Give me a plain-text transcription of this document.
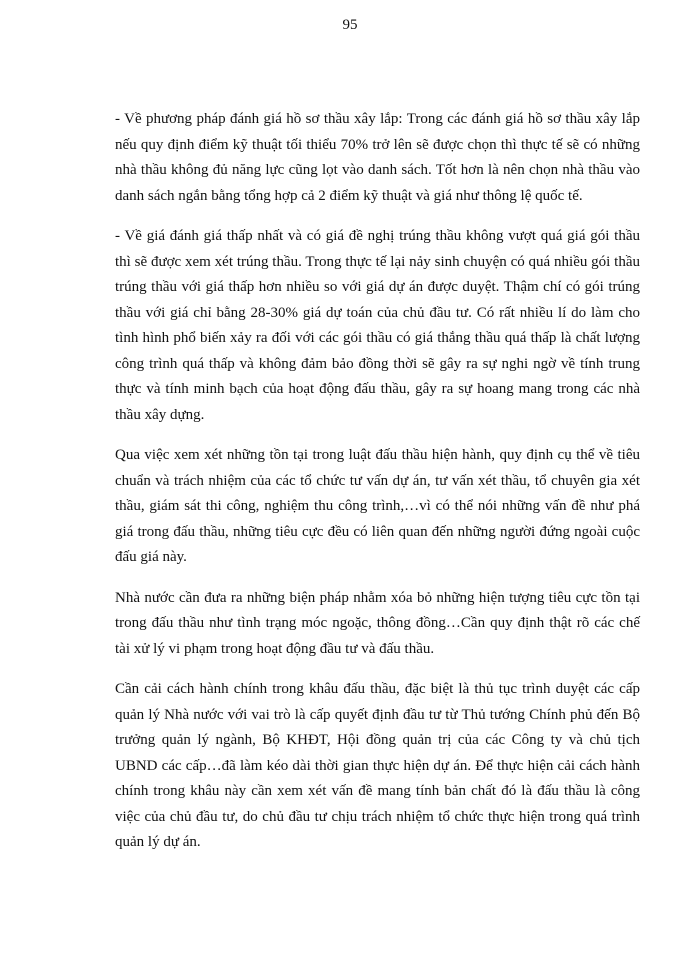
95

- Về phương pháp đánh giá hồ sơ thầu xây lắp: Trong các đánh giá hồ sơ thầu xây lắp nếu quy định điểm kỹ thuật tối thiểu 70% trở lên sẽ được chọn thì thực tế sẽ có những nhà thầu không đủ năng lực cũng lọt vào danh sách. Tốt hơn là nên chọn nhà thầu vào danh sách ngắn bằng tổng hợp cả 2 điểm kỹ thuật và giá như thông lệ quốc tế.

- Về giá đánh giá thấp nhất và có giá đề nghị trúng thầu không vượt quá giá gói thầu thì sẽ được xem xét trúng thầu. Trong thực tế lại nảy sinh chuyện có quá nhiều gói thầu trúng thầu với giá thấp hơn nhiều so với giá dự án được duyệt. Thậm chí có gói trúng thầu với giá chỉ bằng 28-30% giá dự toán của chủ đầu tư. Có rất nhiều lí do làm cho tình hình phổ biến xảy ra đối với các gói thầu có giá thắng thầu quá thấp là chất lượng công trình quá thấp và không đảm bảo đồng thời sẽ gây ra sự nghi ngờ về tính trung thực và tính minh bạch của hoạt động đấu thầu, gây ra sự hoang mang trong các nhà thầu xây dựng.

Qua việc xem xét những tồn tại trong luật đấu thầu hiện hành, quy định cụ thể về tiêu chuẩn và trách nhiệm của các tổ chức tư vấn dự án, tư vấn xét thầu, tổ chuyên gia xét thầu, giám sát thi công, nghiệm thu công trình,…vì có thể nói những vấn đề như phá giá trong đấu thầu, những tiêu cực đều có liên quan đến những người đứng ngoài cuộc đấu giá này.

Nhà nước cần đưa ra những biện pháp nhằm xóa bỏ những hiện tượng tiêu cực tồn tại trong đấu thầu như tình trạng móc ngoặc, thông đồng…Cần quy định thật rõ các chế tài xử lý vi phạm trong hoạt động đầu tư và đấu thầu.

Cần cải cách hành chính trong khâu đấu thầu, đặc biệt là thủ tục trình duyệt các cấp quản lý Nhà nước với vai trò là cấp quyết định đầu tư từ Thủ tướng Chính phủ đến Bộ trưởng quản lý ngành, Bộ KHĐT, Hội đồng quản trị của các Công ty và chủ tịch UBND các cấp…đã làm kéo dài thời gian thực hiện dự án. Để thực hiện cải cách hành chính trong khâu này cần xem xét vấn đề mang tính bản chất đó là đấu thầu là công việc của chủ đầu tư, do chủ đầu tư chịu trách nhiệm tổ chức thực hiện trong quá trình quản lý dự án.
